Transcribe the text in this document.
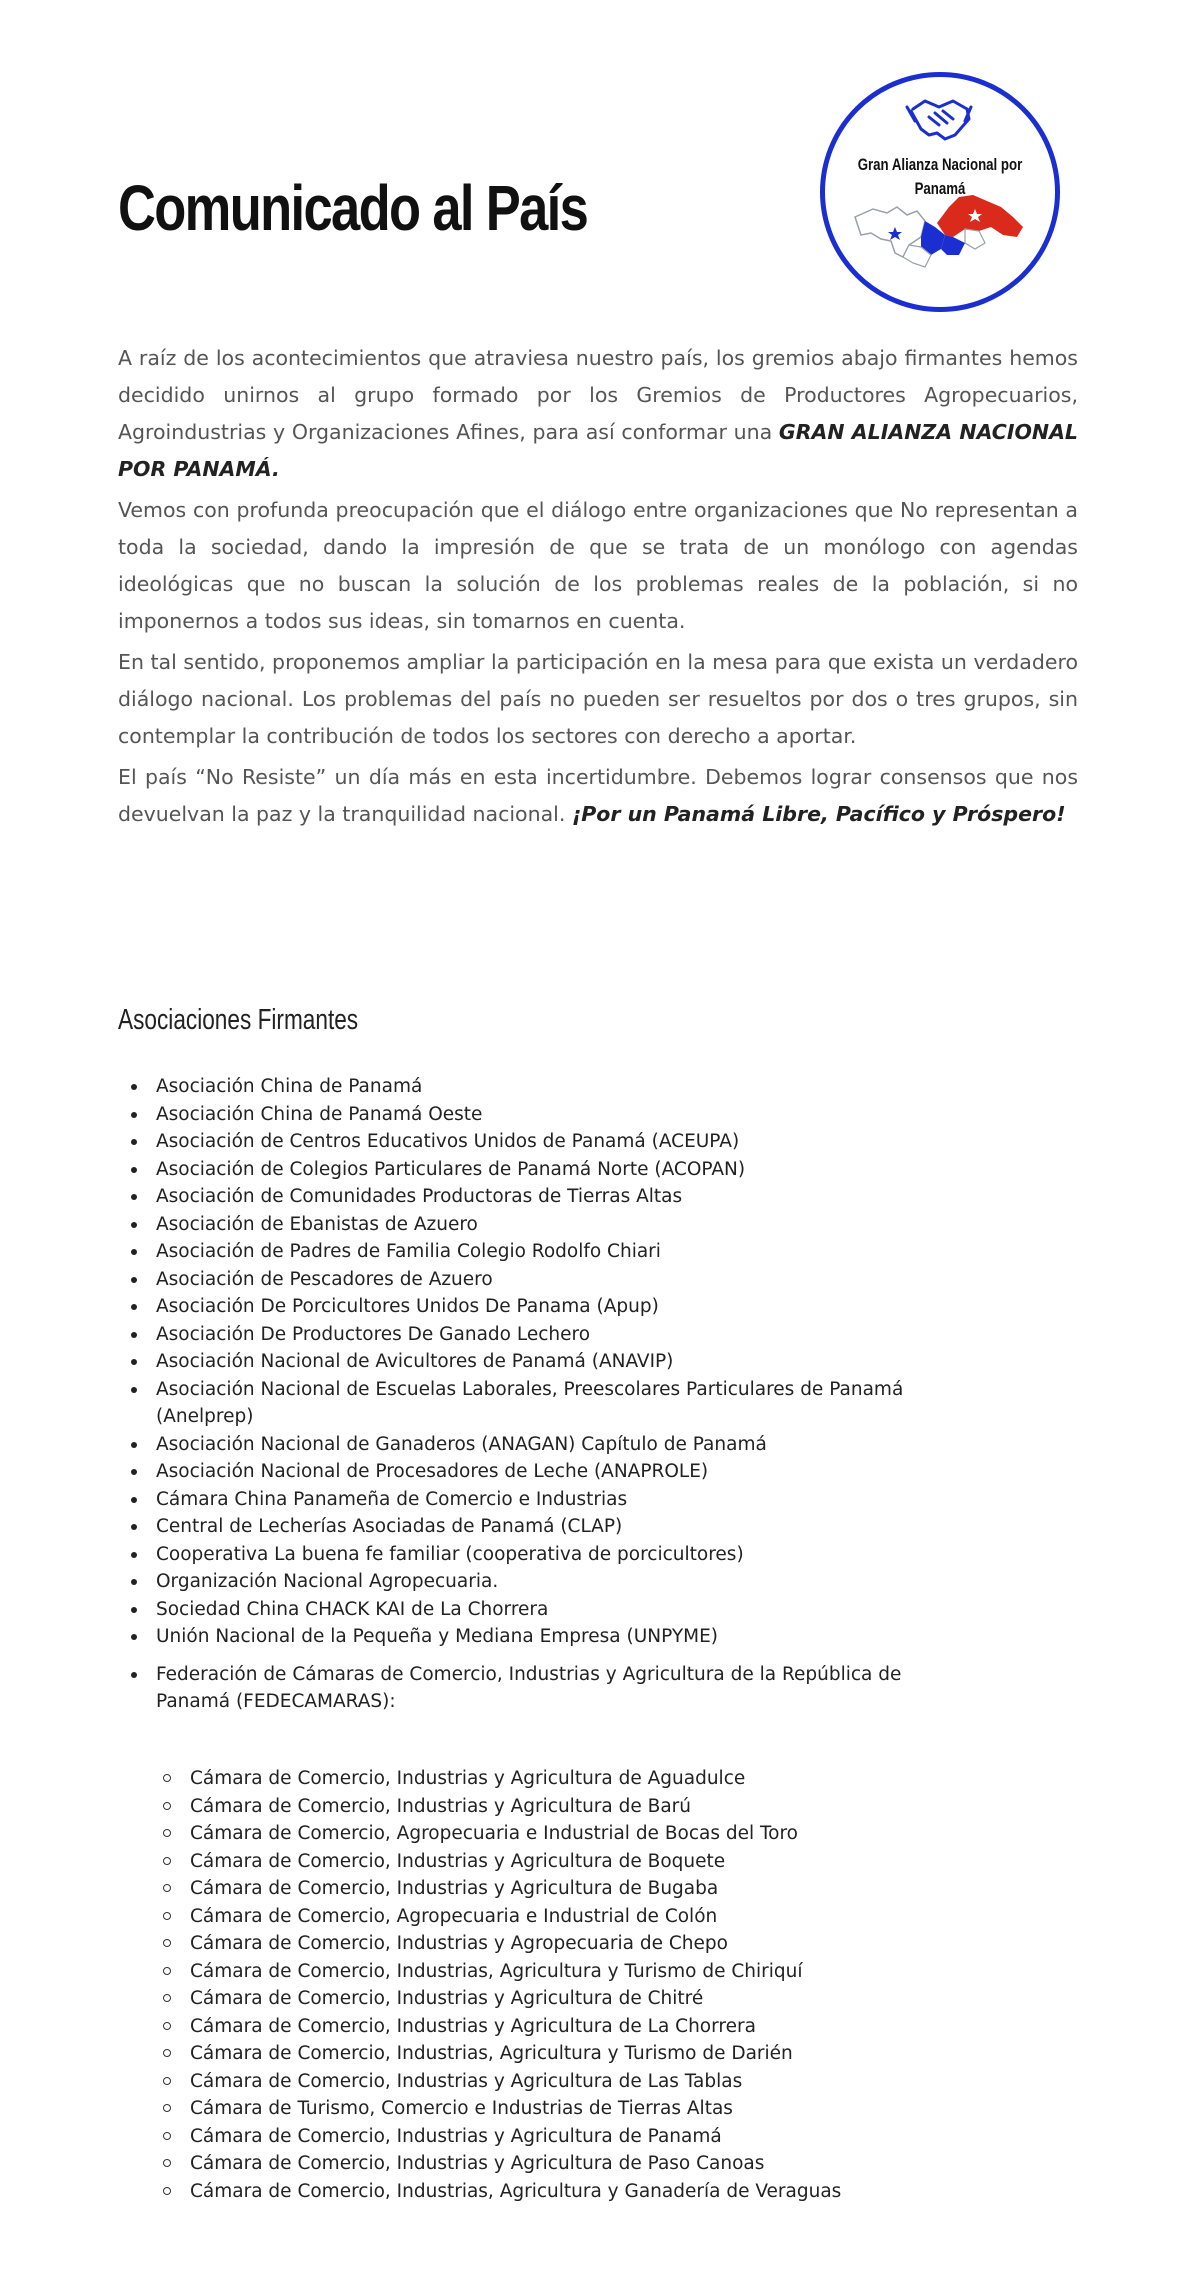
Comunicado al País
Gran Alianza Nacional por
Panamá

A raíz de los acontecimientos que atraviesa nuestro país, los gremios abajo firmantes hemos decidido unirnos al grupo formado por los Gremios de Productores Agropecuarios, Agroindustrias y Organizaciones Afines, para así conformar una GRAN ALIANZA NACIONAL POR PANAMÁ.

Vemos con profunda preocupación que el diálogo entre organizaciones que No representan a toda la sociedad, dando la impresión de que se trata de un monólogo con agendas ideológicas que no buscan la solución de los problemas reales de la población, si no imponernos a todos sus ideas, sin tomarnos en cuenta.

En tal sentido, proponemos ampliar la participación en la mesa para que exista un verdadero diálogo nacional. Los problemas del país no pueden ser resueltos por dos o tres grupos, sin contemplar la contribución de todos los sectores con derecho a aportar.

El país “No Resiste” un día más en esta incertidumbre. Debemos lograr consensos que nos devuelvan la paz y la tranquilidad nacional. ¡Por un Panamá Libre, Pacífico y Próspero!

Asociaciones Firmantes
Asociación China de Panamá
Asociación China de Panamá Oeste
Asociación de Centros Educativos Unidos de Panamá (ACEUPA)
Asociación de Colegios Particulares de Panamá Norte (ACOPAN)
Asociación de Comunidades Productoras de Tierras Altas
Asociación de Ebanistas de Azuero
Asociación de Padres de Familia Colegio Rodolfo Chiari
Asociación de Pescadores de Azuero
Asociación De Porcicultores Unidos De Panama (Apup)
Asociación De Productores De Ganado Lechero
Asociación Nacional de Avicultores de Panamá (ANAVIP)
Asociación Nacional de Escuelas Laborales, Preescolares Particulares de Panamá (Anelprep)
Asociación Nacional de Ganaderos (ANAGAN) Capítulo de Panamá
Asociación Nacional de Procesadores de Leche (ANAPROLE)
Cámara China Panameña de Comercio e Industrias
Central de Lecherías Asociadas de Panamá (CLAP)
Cooperativa La buena fe familiar (cooperativa de porcicultores)
Organización Nacional Agropecuaria.
Sociedad China CHACK KAI de La Chorrera
Unión Nacional de la Pequeña y Mediana Empresa (UNPYME)
Federación de Cámaras de Comercio, Industrias y Agricultura de la República de Panamá (FEDECAMARAS):
Cámara de Comercio, Industrias y Agricultura de Aguadulce
Cámara de Comercio, Industrias y Agricultura de Barú
Cámara de Comercio, Agropecuaria e Industrial de Bocas del Toro
Cámara de Comercio, Industrias y Agricultura de Boquete
Cámara de Comercio, Industrias y Agricultura de Bugaba
Cámara de Comercio, Agropecuaria e Industrial de Colón
Cámara de Comercio, Industrias y Agropecuaria de Chepo
Cámara de Comercio, Industrias, Agricultura y Turismo de Chiriquí
Cámara de Comercio, Industrias y Agricultura de Chitré
Cámara de Comercio, Industrias y Agricultura de La Chorrera
Cámara de Comercio, Industrias, Agricultura y Turismo de Darién
Cámara de Comercio, Industrias y Agricultura de Las Tablas
Cámara de Turismo, Comercio e Industrias de Tierras Altas
Cámara de Comercio, Industrias y Agricultura de Panamá
Cámara de Comercio, Industrias y Agricultura de Paso Canoas
Cámara de Comercio, Industrias, Agricultura y Ganadería de Veraguas
